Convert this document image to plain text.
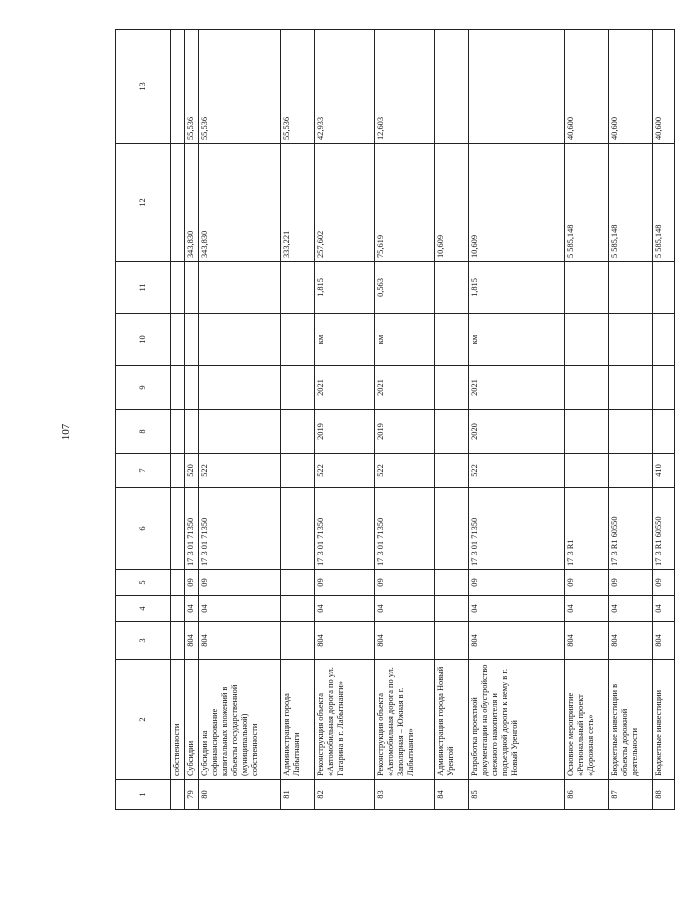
107
1	2	3	4	5	6	7	8	9	10	11	12	13
	собственности											
79	Субсидии	804	04	09	17 3 01 71350	520					343,830	55,536
80	Субсидии на софинансирование капитальных вложений в объекты государственной (муниципальной) собственности	804	04	09	17 3 01 71350	522					343,830	55,536
81	Администрация города Лабытнанги										333,221	55,536
82	Реконструкция объекта «Автомобильная дорога по ул. Гагарина в г. Лабытнанги»	804	04	09	17 3 01 71350	522	2019	2021	км	1,815	257,602	42,933
83	Реконструкция объекта «Автомобильная дорога по ул. Заполярная – Южная в г. Лабытнанги»	804	04	09	17 3 01 71350	522	2019	2021	км	0,563	75,619	12,603
84	Администрация города Новый Уренгой										10,609	
85	Разработка проектной документации на обустройство снежного накопителя и подъездной дороги к нему в г. Новый Уренгой	804	04	09	17 3 01 71350	522	2020	2021	км	1,815	10,609	
86	Основное мероприятие «Региональный проект «Дорожная сеть»	804	04	09	17 3 R1						5 585,148	40,600
87	Бюджетные инвестиции в объекты дорожной деятельности	804	04	09	17 3 R1 60550						5 585,148	40,600
88	Бюджетные инвестиции	804	04	09	17 3 R1 60550	410					5 585,148	40,600
